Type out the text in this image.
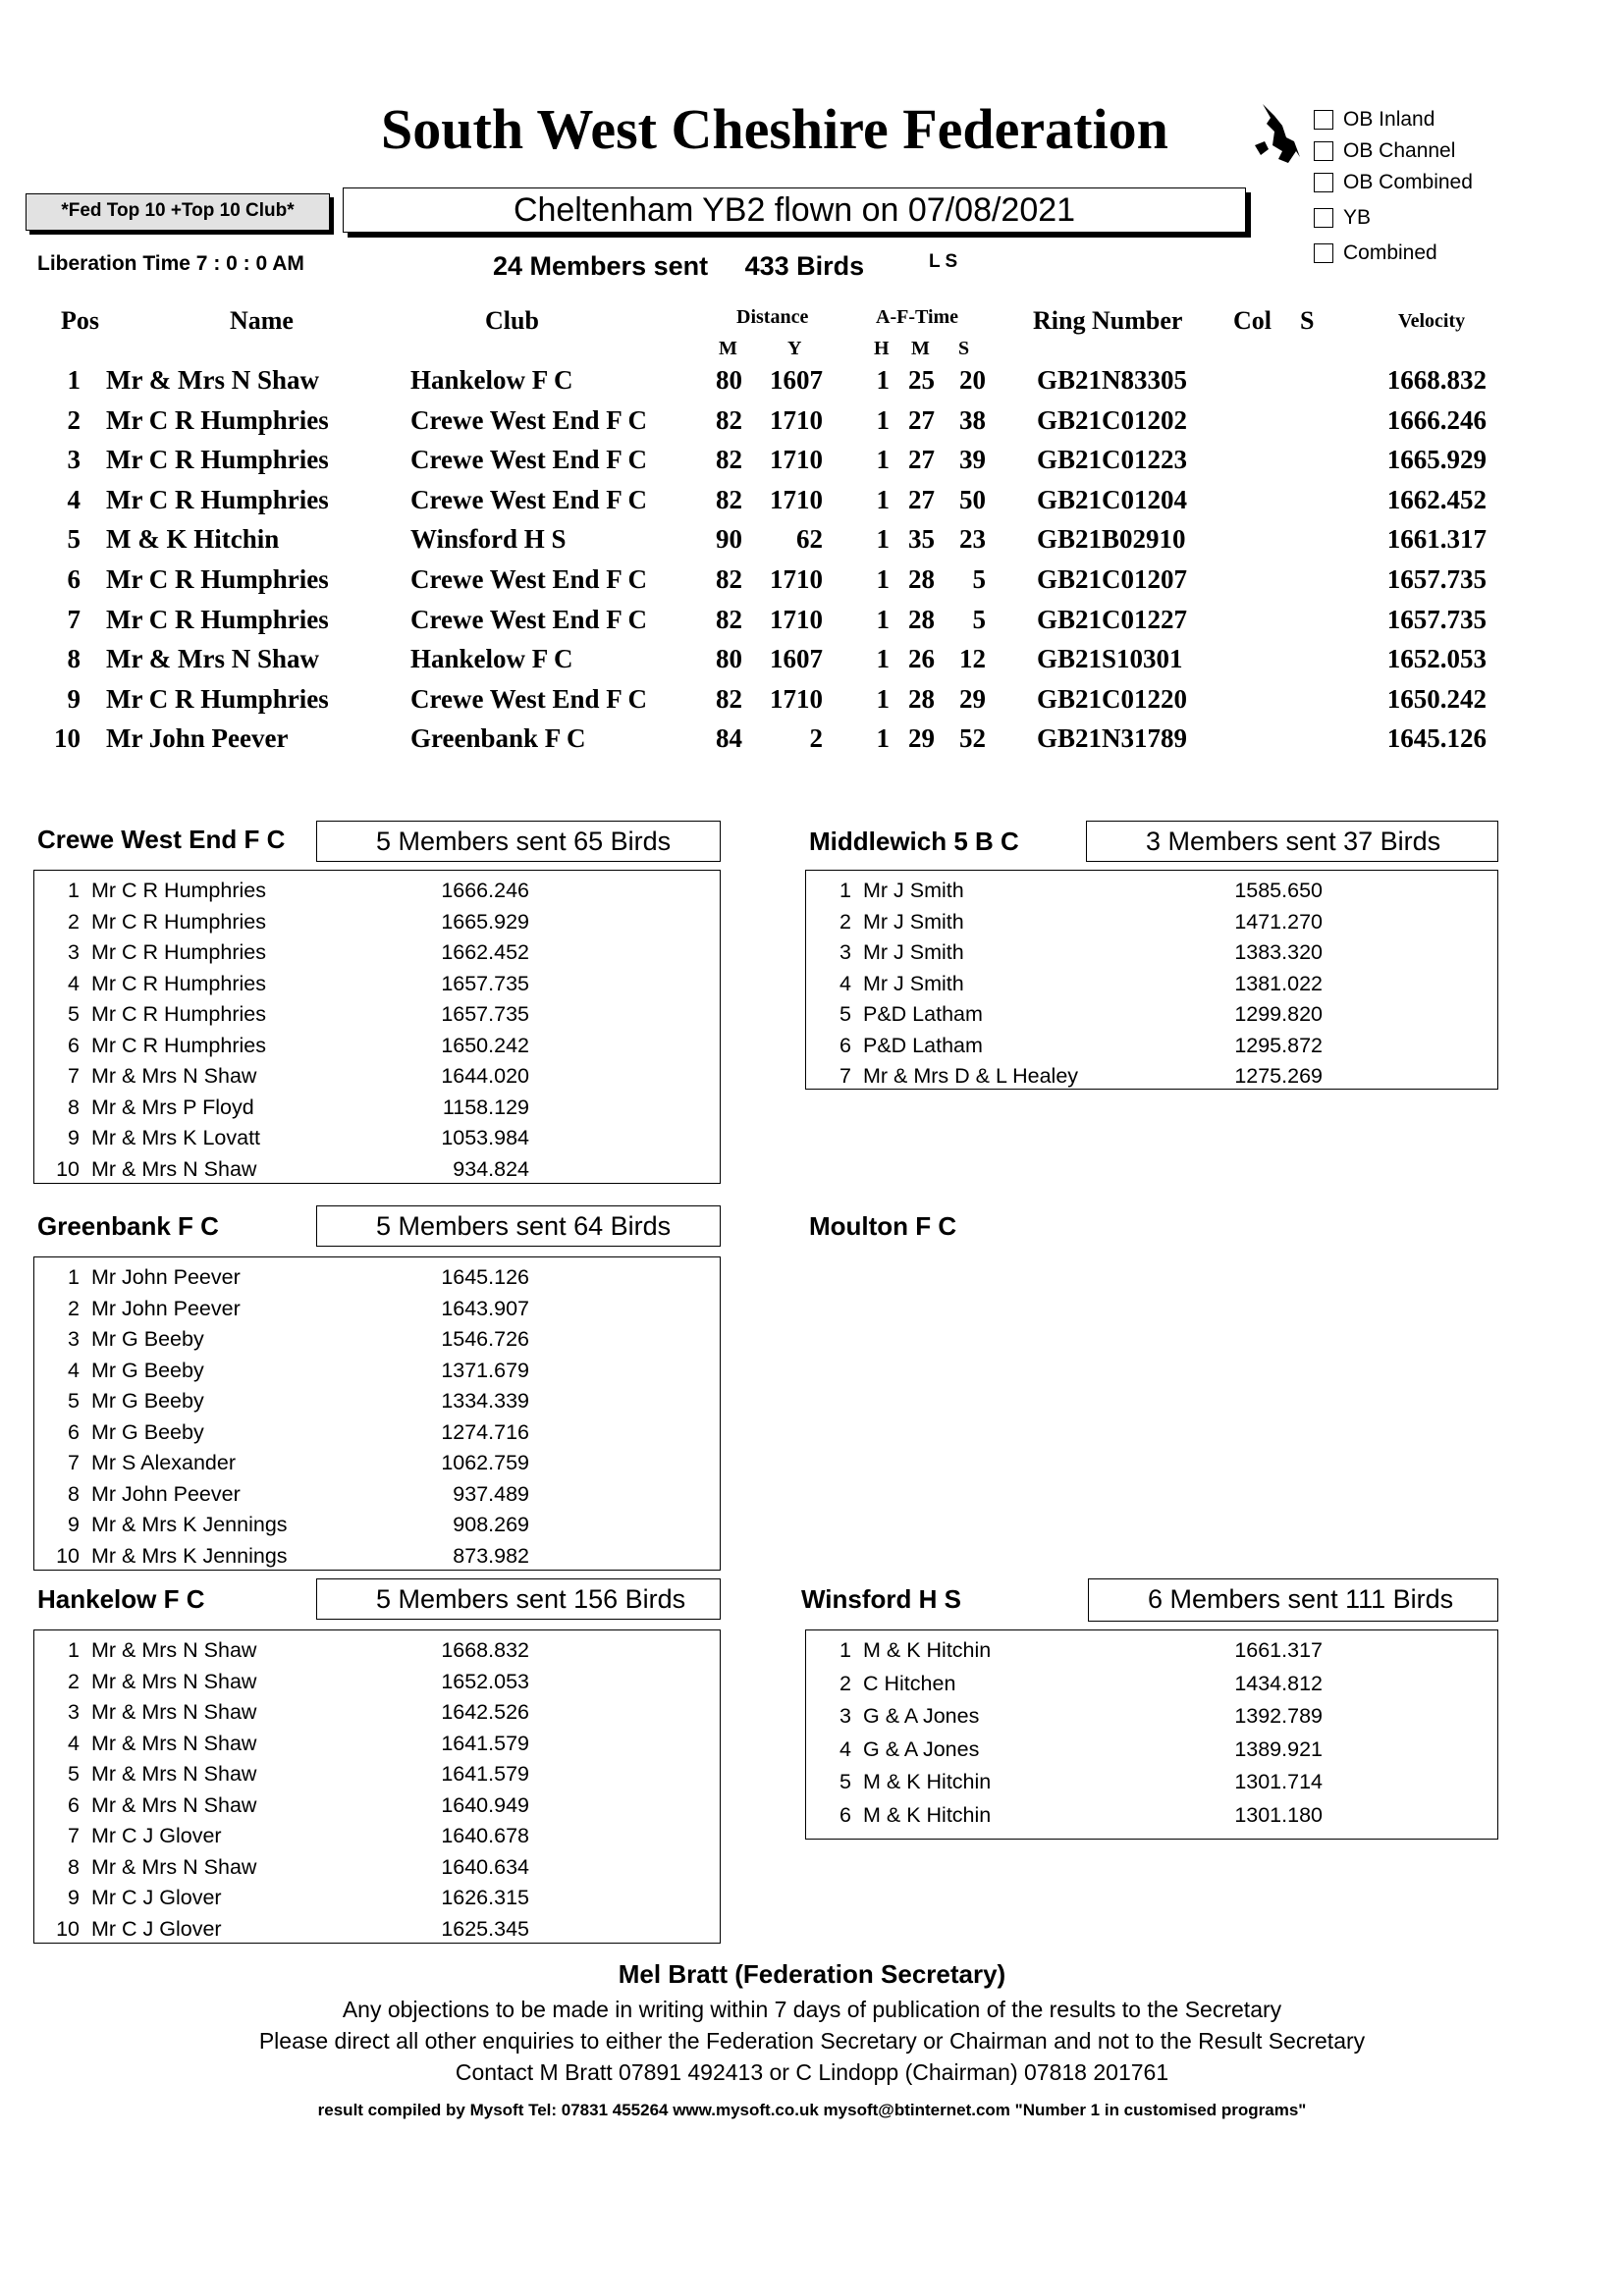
South West Cheshire Federation	OB Inland
OB Channel
OB Combined
YB
Combined
*Fed Top 10 +Top 10 Club*	Cheltenham YB2 flown on 07/08/2021
Liberation Time 7 : 0 : 0 AM	24 Members sent 433 Birds	L S
Pos	Name	Club	Distance
M	Y
A-F-Time
H M S
Ring Number Col S	Velocity
1 Mr & Mrs N Shaw	Hankelow F C	80	1607	1 25 20 GB21N83305	1668.832
2 Mr C R Humphries	Crewe West End F C	82	1710	1 27 38 GB21C01202	1666.246
3 Mr C R Humphries	Crewe West End F C	82	1710	1 27 39 GB21C01223	1665.929
4 Mr C R Humphries	Crewe West End F C	82	1710	1 27 50 GB21C01204	1662.452
5 M & K Hitchin	Winsford H S	90	62	1 35 23 GB21B02910	1661.317
6 Mr C R Humphries	Crewe West End F C	82	1710	1 28	5 GB21C01207	1657.735
7 Mr C R Humphries	Crewe West End F C	82	1710	1 28	5 GB21C01227	1657.735
8 Mr & Mrs N Shaw	Hankelow F C	80	1607	1 26 12 GB21S10301	1652.053
9 Mr C R Humphries	Crewe West End F C	82	1710	1 28 29 GB21C01220	1650.242
10 Mr John Peever	Greenbank F C	84	2	1 29 52 GB21N31789	1645.126
Crewe West End F C	5 Members sent 65 Birds
1 Mr C R Humphries	1666.246
2 Mr C R Humphries	1665.929
3 Mr C R Humphries	1662.452
4 Mr C R Humphries	1657.735
5 Mr C R Humphries	1657.735
6 Mr C R Humphries	1650.242
7 Mr & Mrs N Shaw	1644.020
8 Mr & Mrs P Floyd	1158.129
9 Mr & Mrs K Lovatt	1053.984
10 Mr & Mrs N Shaw	934.824
Middlewich 5 B C	3 Members sent 37 Birds
1 Mr J Smith	1585.650
2 Mr J Smith	1471.270
3 Mr J Smith	1383.320
4 Mr J Smith	1381.022
5 P&D Latham	1299.820
6 P&D Latham	1295.872
7 Mr & Mrs D & L Healey	1275.269
Greenbank F C	5 Members sent 64 Birds
1 Mr John Peever	1645.126
2 Mr John Peever	1643.907
3 Mr G Beeby	1546.726
4 Mr G Beeby	1371.679
5 Mr G Beeby	1334.339
6 Mr G Beeby	1274.716
7 Mr S Alexander	1062.759
8 Mr John Peever	937.489
9 Mr & Mrs K Jennings	908.269
10 Mr & Mrs K Jennings	873.982
Moulton F C
Hankelow F C	5 Members sent 156 Birds
1 Mr & Mrs N Shaw	1668.832
2 Mr & Mrs N Shaw	1652.053
3 Mr & Mrs N Shaw	1642.526
4 Mr & Mrs N Shaw	1641.579
5 Mr & Mrs N Shaw	1641.579
6 Mr & Mrs N Shaw	1640.949
7 Mr C J Glover	1640.678
8 Mr & Mrs N Shaw	1640.634
9 Mr C J Glover	1626.315
10 Mr C J Glover	1625.345
Winsford H S	6 Members sent 111 Birds
1 M & K Hitchin	1661.317
2 C Hitchen	1434.812
3 G & A Jones	1392.789
4 G & A Jones	1389.921
5 M & K Hitchin	1301.714
6 M & K Hitchin	1301.180
Mel Bratt (Federation Secretary)
Any objections to be made in writing within 7 days of publication of the results to the Secretary
Please direct all other enquiries to either the Federation Secretary or Chairman and not to the Result Secretary
Contact M Bratt 07891 492413 or C Lindopp (Chairman) 07818 201761
result compiled by Mysoft Tel: 07831 455264 www.mysoft.co.uk mysoft@btinternet.com "Number 1 in customised programs"
